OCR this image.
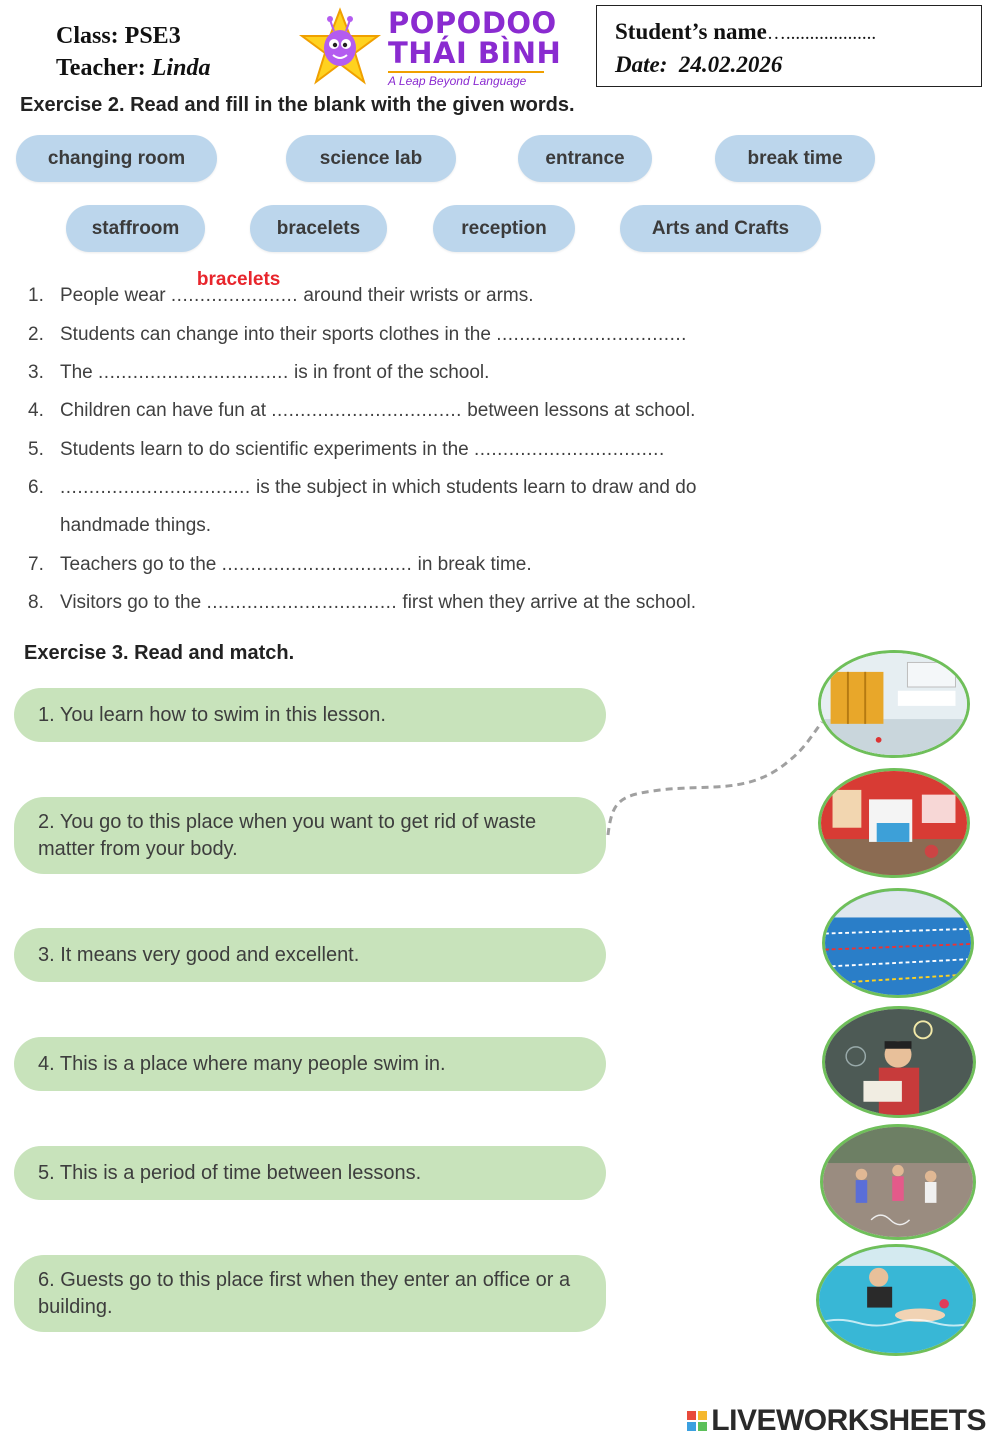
Class: PSE3
Teacher: Linda
POPODOO
THÁI BÌNH
A Leap Beyond Language
Student’s name…...................
Date: 24.02.2026
Exercise 2. Read and fill in the blank with the given words.
changing room	science lab	entrance	break time
staffroom	bracelets	reception	Arts and Crafts
1. People wear ......................
bracelets
around their wrists or arms.
2. Students can change into their sports clothes in the .................................
3. The ................................. is in front of the school.
4. Children can have fun at ................................. between lessons at school.
5. Students learn to do scientific experiments in the .................................
6. ................................. is the subject in which students learn to draw and do
handmade things.
7. Teachers go to the ................................. in break time.
8. Visitors go to the ................................. first when they arrive at the school.
Exercise 3. Read and match.
1. You learn how to swim in this lesson.
2. You go to this place when you want to get rid of waste matter from your body.
3. It means very good and excellent.
4. This is a place where many people swim in.
5. This is a period of time between lessons.
6. Guests go to this place first when they enter an office or a building.
LIVEWORKSHEETS
